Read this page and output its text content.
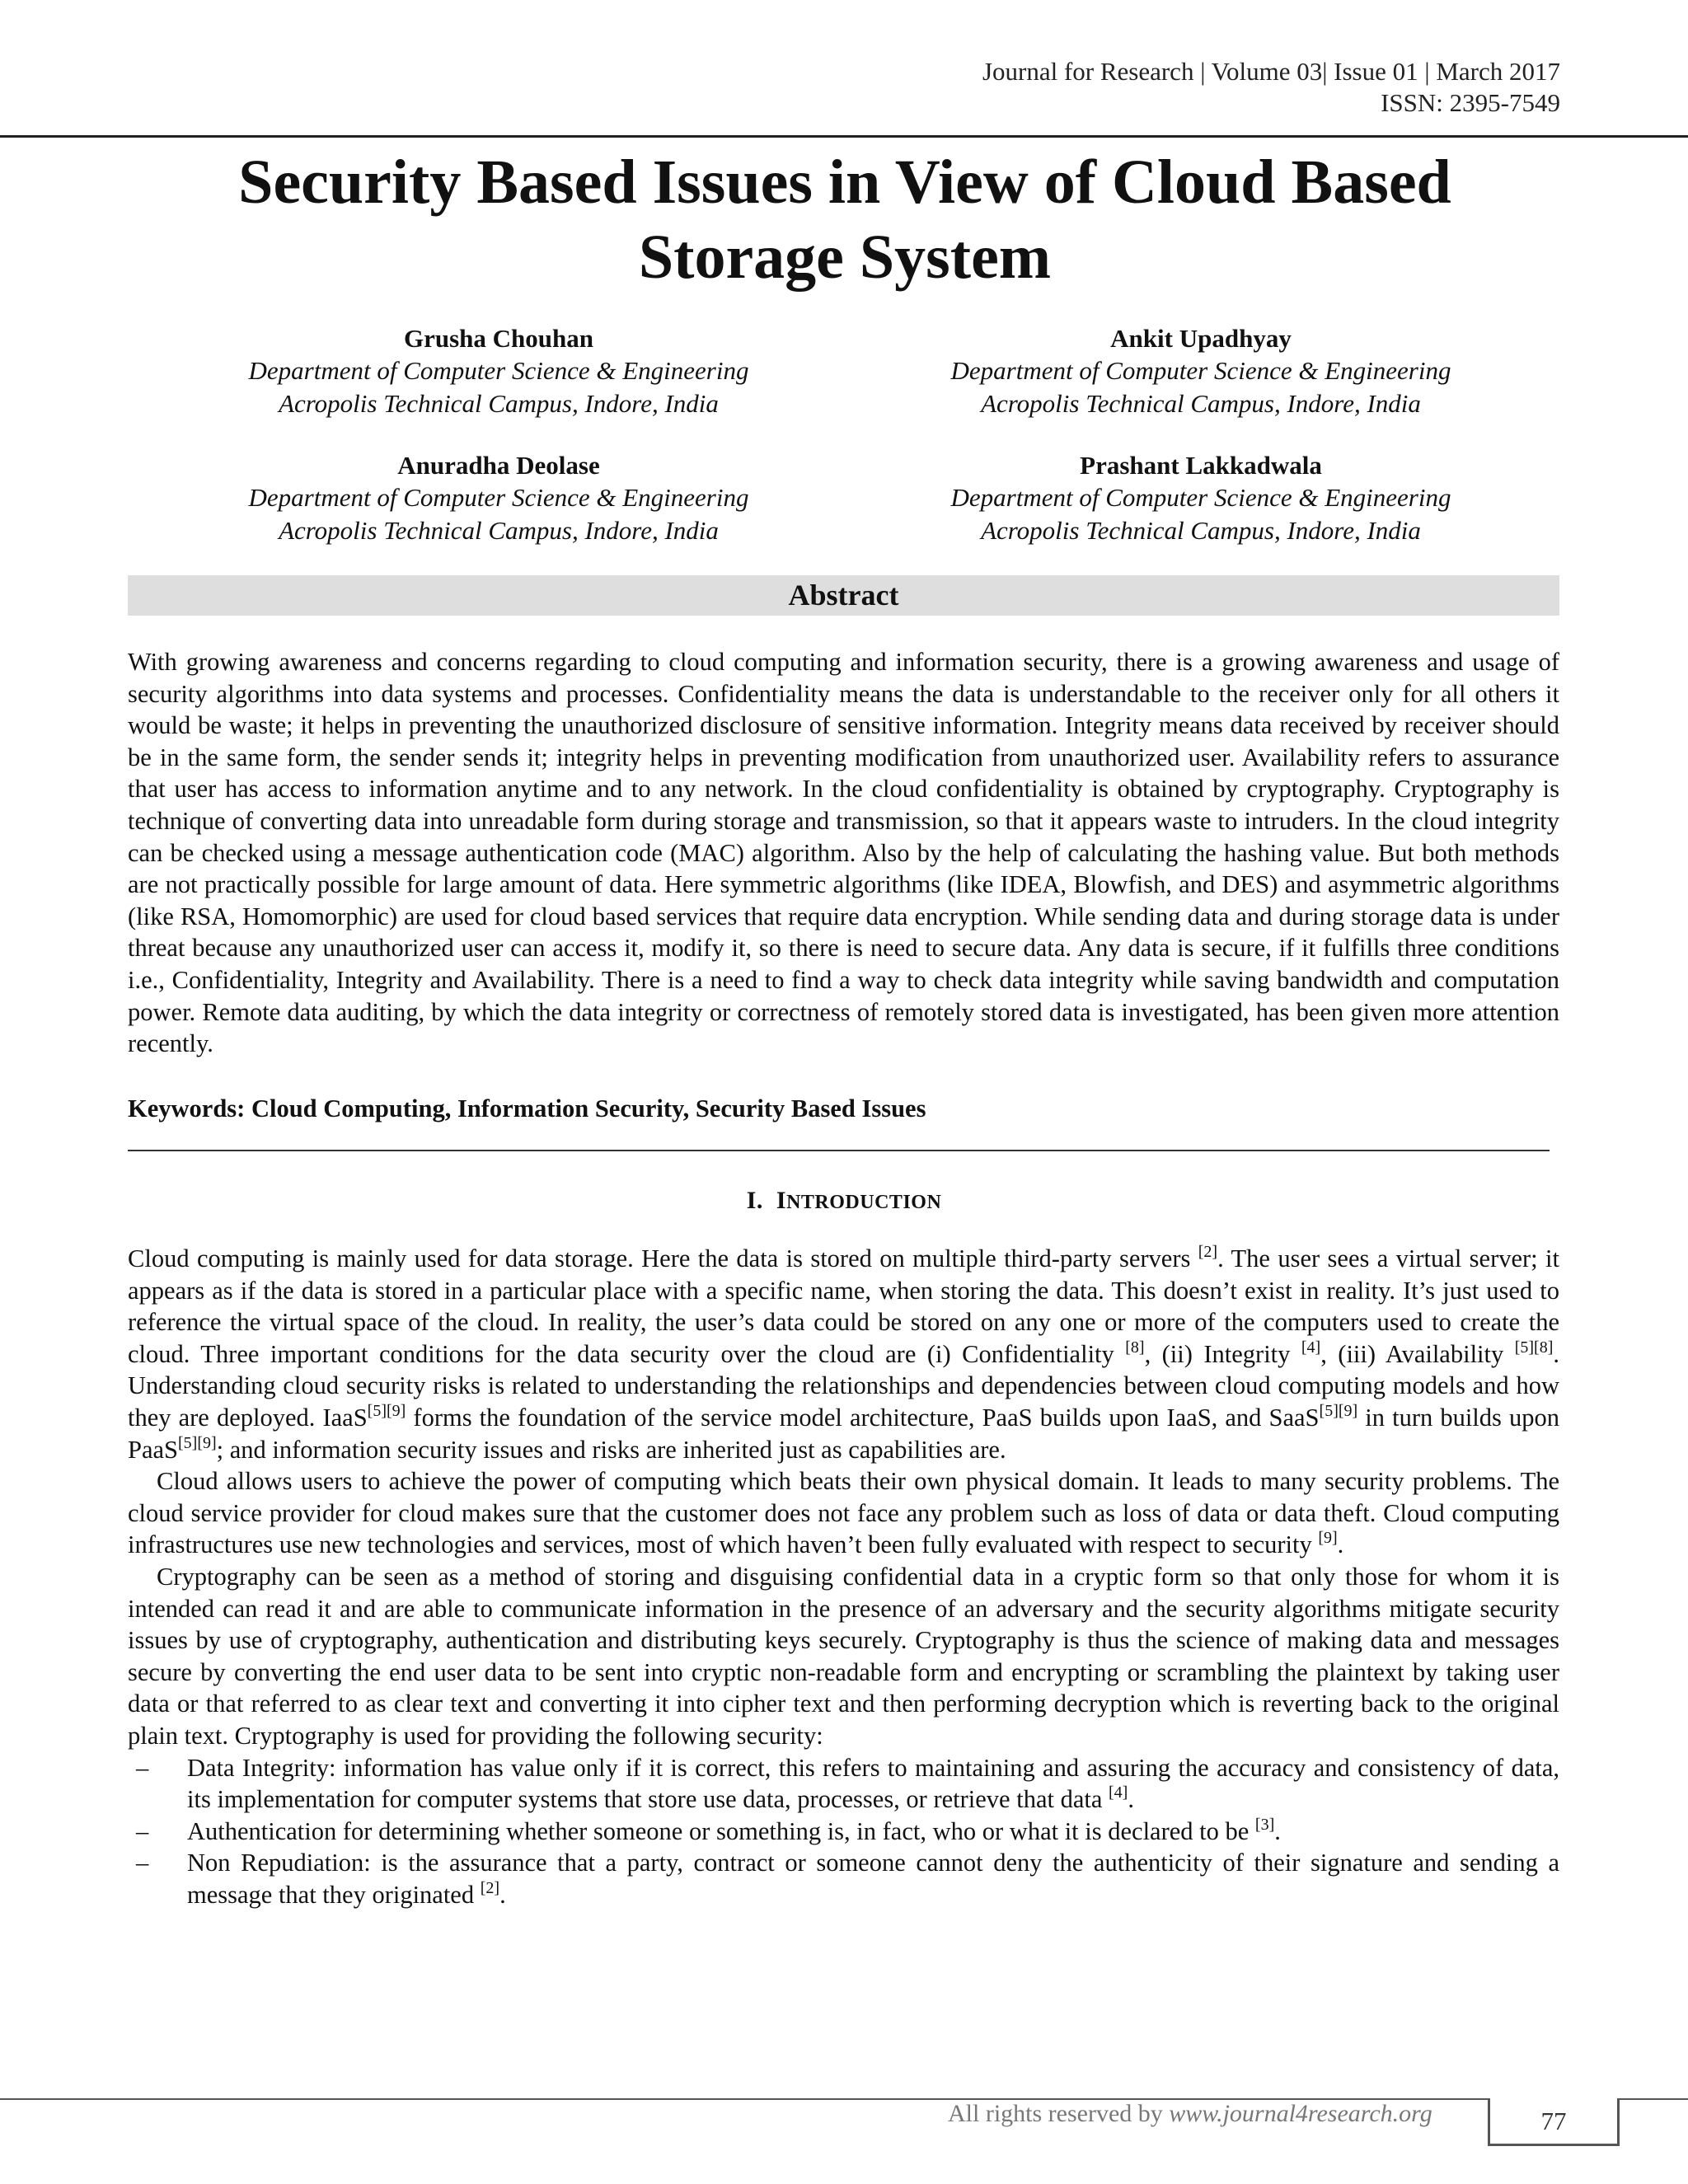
Journal for Research | Volume 03| Issue 01 | March 2017
ISSN: 2395-7549
Security Based Issues in View of Cloud Based
Storage System
Grusha Chouhan
Department of Computer Science & Engineering
Acropolis Technical Campus, Indore, India
Ankit Upadhyay
Department of Computer Science & Engineering
Acropolis Technical Campus, Indore, India
Anuradha Deolase
Department of Computer Science & Engineering
Acropolis Technical Campus, Indore, India
Prashant Lakkadwala
Department of Computer Science & Engineering
Acropolis Technical Campus, Indore, India
Abstract

With growing awareness and concerns regarding to cloud computing and information security, there is a growing awareness and usage of security algorithms into data systems and processes. Confidentiality means the data is understandable to the receiver only for all others it would be waste; it helps in preventing the unauthorized disclosure of sensitive information. Integrity means data received by receiver should be in the same form, the sender sends it; integrity helps in preventing modification from unauthorized user. Availability refers to assurance that user has access to information anytime and to any network. In the cloud confidentiality is obtained by cryptography. Cryptography is technique of converting data into unreadable form during storage and transmission, so that it appears waste to intruders. In the cloud integrity can be checked using a message authentication code (MAC) algorithm. Also by the help of calculating the hashing value. But both methods are not practically possible for large amount of data. Here symmetric algorithms (like IDEA, Blowfish, and DES) and asymmetric algorithms (like RSA, Homomorphic) are used for cloud based services that require data encryption. While sending data and during storage data is under threat because any unauthorized user can access it, modify it, so there is need to secure data. Any data is secure, if it fulfills three conditions i.e., Confidentiality, Integrity and Availability. There is a need to find a way to check data integrity while saving bandwidth and computation power. Remote data auditing, by which the data integrity or correctness of remotely stored data is investigated, has been given more attention recently.

Keywords: Cloud Computing, Information Security, Security Based Issues
I. INTRODUCTION

Cloud computing is mainly used for data storage. Here the data is stored on multiple third-party servers [2]. The user sees a virtual server; it appears as if the data is stored in a particular place with a specific name, when storing the data. This doesn’t exist in reality. It’s just used to reference the virtual space of the cloud. In reality, the user’s data could be stored on any one or more of the computers used to create the cloud. Three important conditions for the data security over the cloud are (i) Confidentiality [8], (ii) Integrity [4], (iii) Availability [5][8]. Understanding cloud security risks is related to understanding the relationships and dependencies between cloud computing models and how they are deployed. IaaS[5][9] forms the foundation of the service model architecture, PaaS builds upon IaaS, and SaaS[5][9] in turn builds upon PaaS[5][9]; and information security issues and risks are inherited just as capabilities are.

Cloud allows users to achieve the power of computing which beats their own physical domain. It leads to many security problems. The cloud service provider for cloud makes sure that the customer does not face any problem such as loss of data or data theft. Cloud computing infrastructures use new technologies and services, most of which haven’t been fully evaluated with respect to security [9].

Cryptography can be seen as a method of storing and disguising confidential data in a cryptic form so that only those for whom it is intended can read it and are able to communicate information in the presence of an adversary and the security algorithms mitigate security issues by use of cryptography, authentication and distributing keys securely. Cryptography is thus the science of making data and messages secure by converting the end user data to be sent into cryptic non-readable form and encrypting or scrambling the plaintext by taking user data or that referred to as clear text and converting it into cipher text and then performing decryption which is reverting back to the original plain text. Cryptography is used for providing the following security:

– Data Integrity: information has value only if it is correct, this refers to maintaining and assuring the accuracy and consistency of data, its implementation for computer systems that store use data, processes, or retrieve that data [4].
– Authentication for determining whether someone or something is, in fact, who or what it is declared to be [3].
– Non Repudiation: is the assurance that a party, contract or someone cannot deny the authenticity of their signature and sending a message that they originated [2].
77
All rights reserved by www.journal4research.org
